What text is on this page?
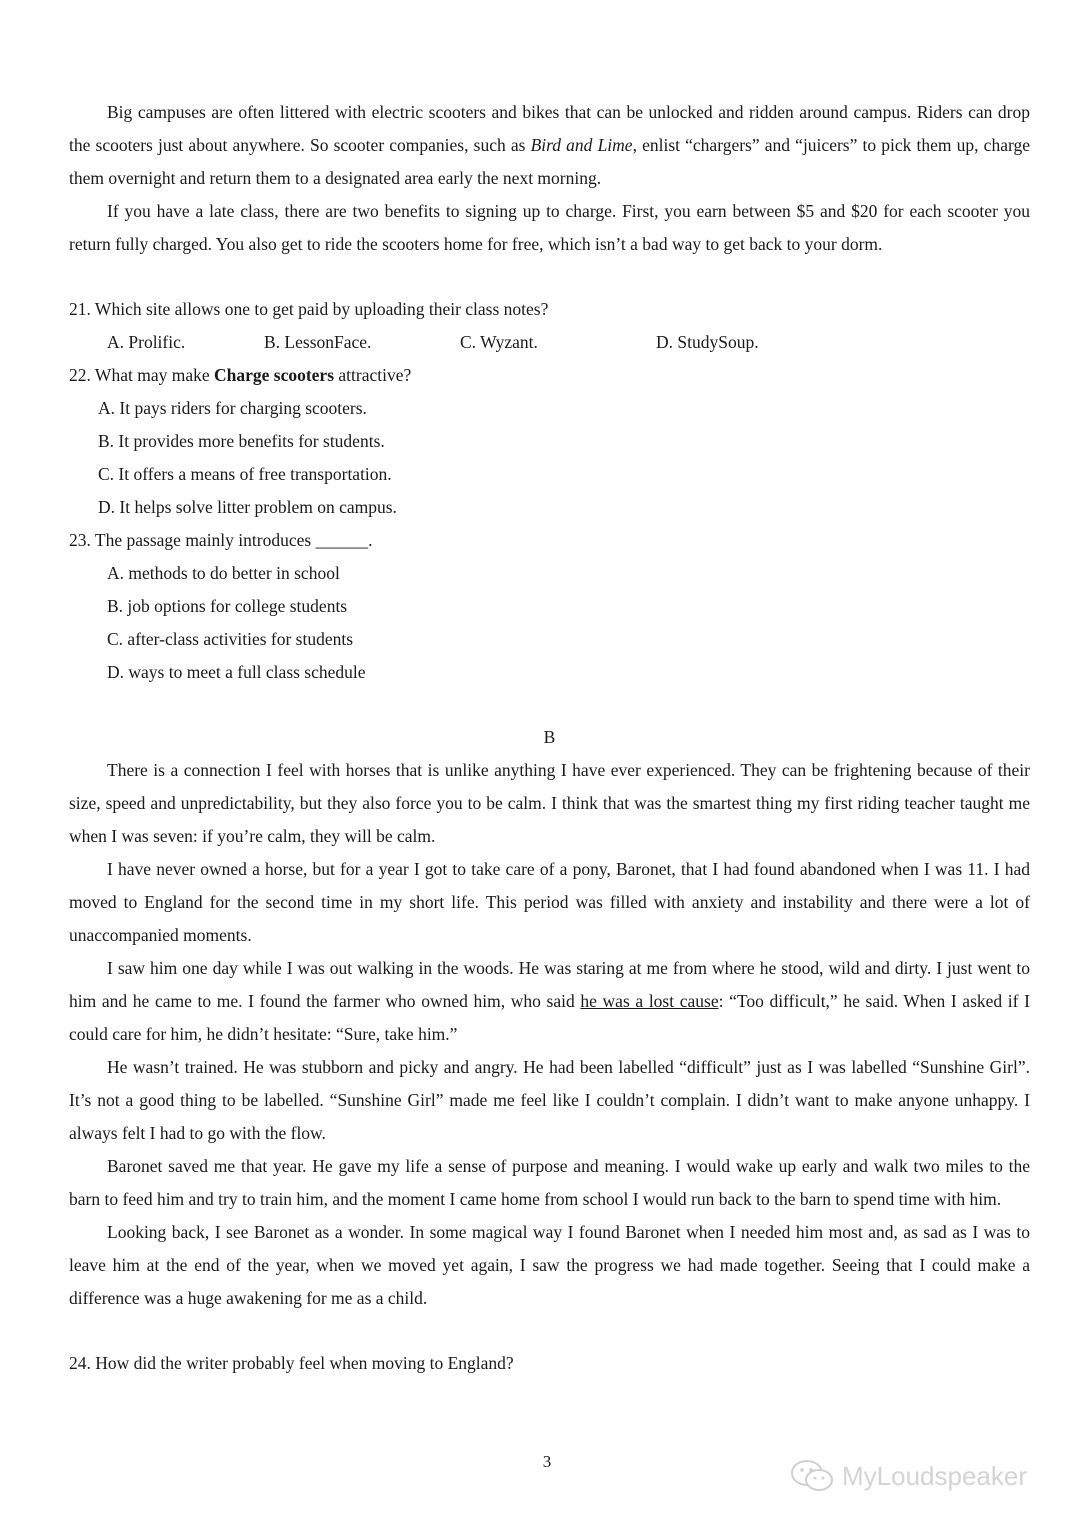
Big campuses are often littered with electric scooters and bikes that can be unlocked and ridden around campus. Riders can drop the scooters just about anywhere. So scooter companies, such as Bird and Lime, enlist “chargers” and “juicers” to pick them up, charge them overnight and return them to a designated area early the next morning.

If you have a late class, there are two benefits to signing up to charge. First, you earn between $5 and $20 for each scooter you return fully charged. You also get to ride the scooters home for free, which isn’t a bad way to get back to your dorm.

21. Which site allows one to get paid by uploading their class notes?
A. Prolific.	B. LessonFace.	C. Wyzant.	D. StudySoup.
22. What may make Charge scooters attractive?
A. It pays riders for charging scooters.
B. It provides more benefits for students.
C. It offers a means of free transportation.
D. It helps solve litter problem on campus.
23. The passage mainly introduces ______.
A. methods to do better in school
B. job options for college students
C. after-class activities for students
D. ways to meet a full class schedule
B

There is a connection I feel with horses that is unlike anything I have ever experienced. They can be frightening because of their size, speed and unpredictability, but they also force you to be calm. I think that was the smartest thing my first riding teacher taught me when I was seven: if you’re calm, they will be calm.

I have never owned a horse, but for a year I got to take care of a pony, Baronet, that I had found abandoned when I was 11. I had moved to England for the second time in my short life. This period was filled with anxiety and instability and there were a lot of unaccompanied moments.

I saw him one day while I was out walking in the woods. He was staring at me from where he stood, wild and dirty. I just went to him and he came to me. I found the farmer who owned him, who said he was a lost cause: “Too difficult,” he said. When I asked if I could care for him, he didn’t hesitate: “Sure, take him.”

He wasn’t trained. He was stubborn and picky and angry. He had been labelled “difficult” just as I was labelled “Sunshine Girl”. It’s not a good thing to be labelled. “Sunshine Girl” made me feel like I couldn’t complain. I didn’t want to make anyone unhappy. I always felt I had to go with the flow.

Baronet saved me that year. He gave my life a sense of purpose and meaning. I would wake up early and walk two miles to the barn to feed him and try to train him, and the moment I came home from school I would run back to the barn to spend time with him.

Looking back, I see Baronet as a wonder. In some magical way I found Baronet when I needed him most and, as sad as I was to leave him at the end of the year, when we moved yet again, I saw the progress we had made together. Seeing that I could make a difference was a huge awakening for me as a child.

24. How did the writer probably feel when moving to England?
3	MyLoudspeaker
